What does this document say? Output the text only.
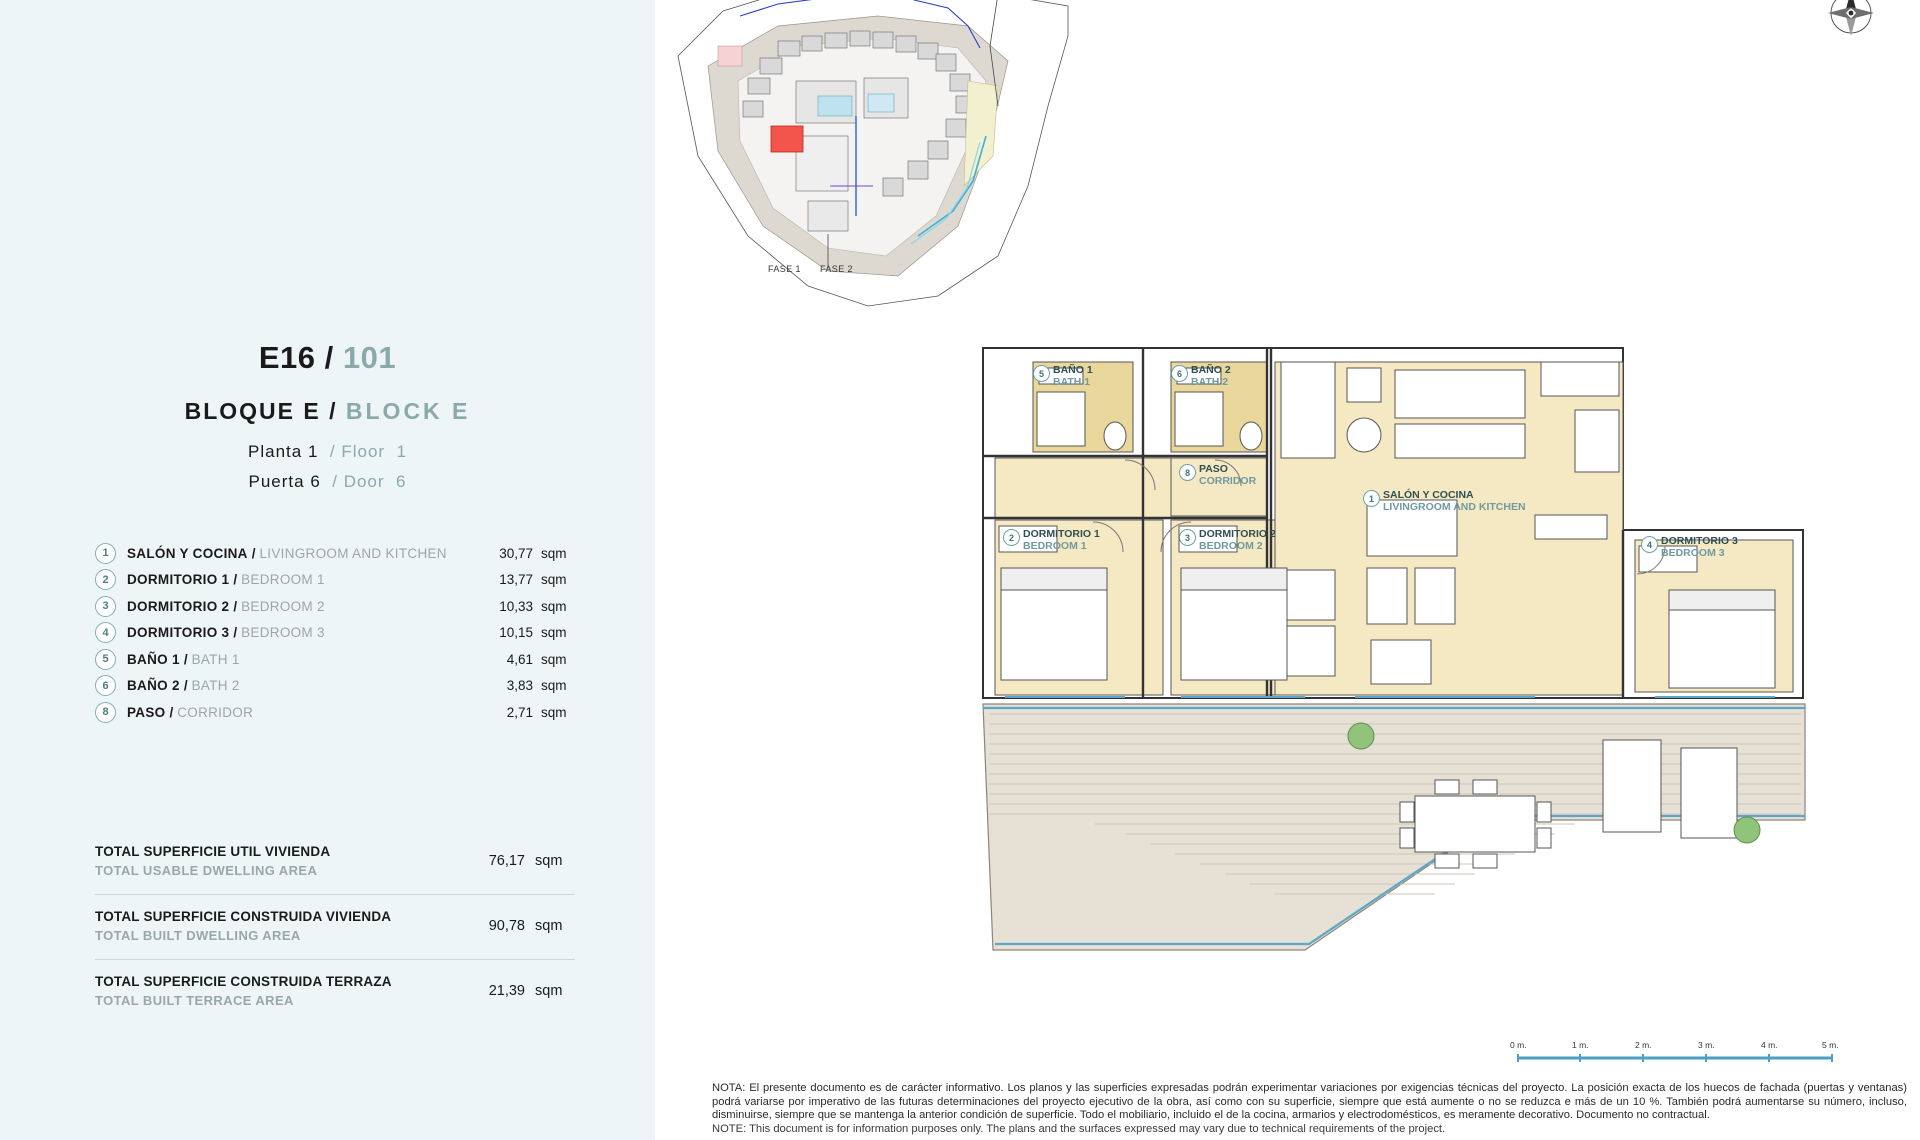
E16 / 101
BLOQUE E / BLOCK E
Planta 1 / Floor 1
Puerta 6 / Door 6
1	SALÓN Y COCINA / LIVINGROOM AND KITCHEN	30,77 sqm
2	DORMITORIO 1 / BEDROOM 1	13,77 sqm
3	DORMITORIO 2 / BEDROOM 2	10,33 sqm
4	DORMITORIO 3 / BEDROOM 3	10,15 sqm
5	BAÑO 1 / BATH 1	4,61 sqm
6	BAÑO 2 / BATH 2	3,83 sqm
8	PASO / CORRIDOR	2,71 sqm
TOTAL SUPERFICIE UTIL VIVIENDA
TOTAL USABLE DWELLING AREA
76,17 sqm
TOTAL SUPERFICIE CONSTRUIDA VIVIENDA
TOTAL BUILT DWELLING AREA
90,78 sqm
TOTAL SUPERFICIE CONSTRUIDA TERRAZA
TOTAL BUILT TERRACE AREA
21,39 sqm
FASE 1 FASE 2
5 BAÑO 1
BATH 1
6 BAÑO 2
BATH 2
8 PASO
CORRIDOR
1 SALÓN Y COCINA
LIVINGROOM AND KITCHEN
2 DORMITORIO 1
BEDROOM 1
3 DORMITORIO 2
BEDROOM 2	4 DORMITORIO 3
BEDROOM 3
0 m.	1 m.	2 m.	3 m.	4 m.	5 m.
NOTA: El presente documento es de carácter informativo. Los planos y las superficies expresadas podrán experimentar variaciones por exigencias técnicas del proyecto. La posición exacta de los huecos de fachada (puertas y ventanas) podrá variarse por imperativo de las futuras determinaciones del proyecto ejecutivo de la obra, así como con su superficie, siempre que está aumente o no se reduzca e más de un 10 %. También podrá aumentarse su número, incluso, disminuirse, siempre que se mantenga la anterior condición de superficie. Todo el mobiliario, incluido el de la cocina, armarios y electrodomésticos, es meramente decorativo. Documento no contractual.
NOTE: This document is for information purposes only. The plans and the surfaces expressed may vary due to technical requirements of the project.
